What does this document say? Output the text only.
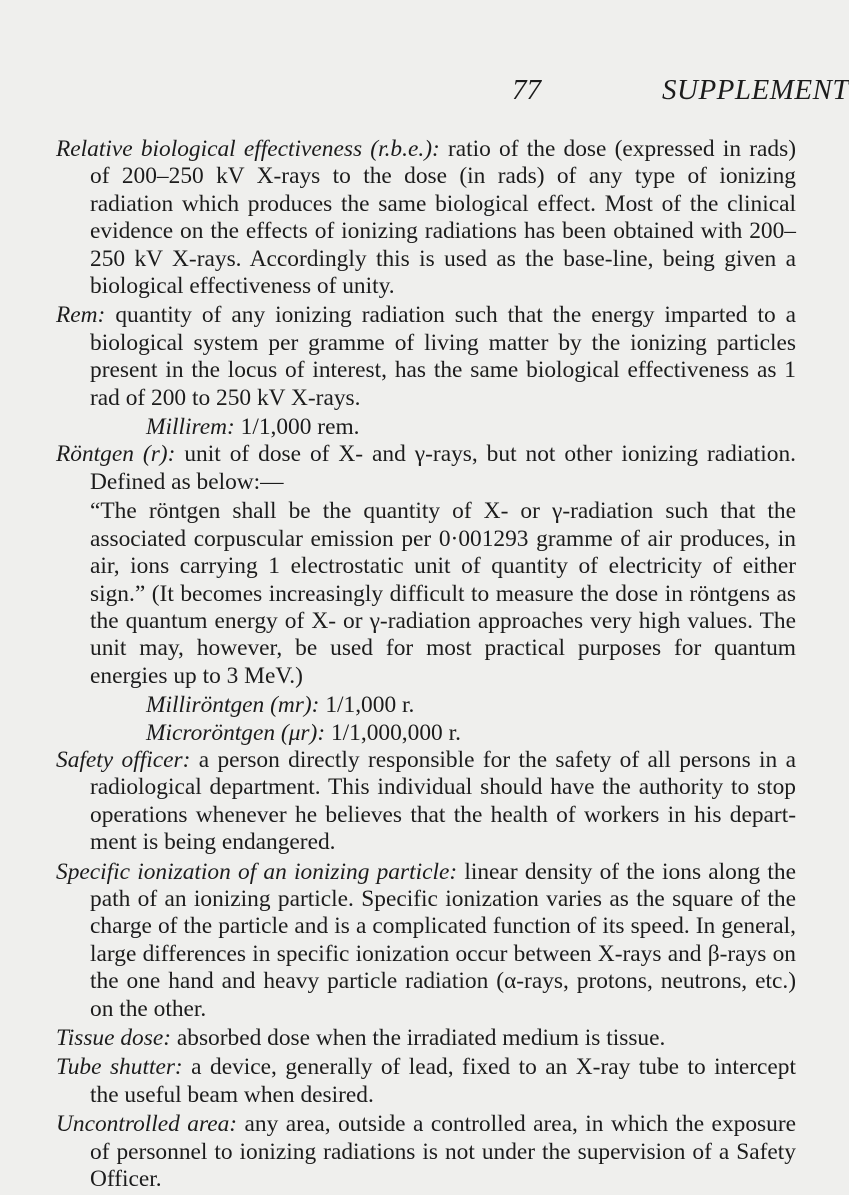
77	SUPPLEMENT

Relative biological effectiveness (r.b.e.): ratio of the dose (expressed in rads) of 200–250 kV X-rays to the dose (in rads) of any type of ionizing radiation which produces the same biological effect. Most of the clinical evidence on the effects of ionizing radiations has been obtained with 200–250 kV X-rays. Accordingly this is used as the base-line, being given a biological effectiveness of unity.

Rem: quantity of any ionizing radiation such that the energy imparted to a biological system per gramme of living matter by the ionizing particles present in the locus of interest, has the same biological effectiveness as 1 rad of 200 to 250 kV X-rays.

Millirem: 1/1,000 rem.

Röntgen (r): unit of dose of X- and γ-rays, but not other ionizing radiation. Defined as below:—

“The röntgen shall be the quantity of X- or γ-radiation such that the associated corpuscular emission per 0·001293 gramme of air produces, in air, ions carrying 1 electrostatic unit of quantity of electricity of either sign.” (It becomes increasingly difficult to measure the dose in röntgens as the quantum energy of X- or γ-radiation approaches very high values. The unit may, however, be used for most practical purposes for quantum energies up to 3 MeV.)

Milliröntgen (mr): 1/1,000 r.

Microröntgen (μr): 1/1,000,000 r.

Safety officer: a person directly responsible for the safety of all persons in a radiological department. This individual should have the authority to stop operations whenever he believes that the health of workers in his depart-ment is being endangered.

Specific ionization of an ionizing particle: linear density of the ions along the path of an ionizing particle. Specific ionization varies as the square of the charge of the particle and is a complicated function of its speed. In general, large differences in specific ionization occur between X-rays and β-rays on the one hand and heavy particle radiation (α-rays, protons, neutrons, etc.) on the other.

Tissue dose: absorbed dose when the irradiated medium is tissue.

Tube shutter: a device, generally of lead, fixed to an X-ray tube to intercept the useful beam when desired.

Uncontrolled area: any area, outside a controlled area, in which the exposure of personnel to ionizing radiations is not under the supervision of a Safety Officer.
